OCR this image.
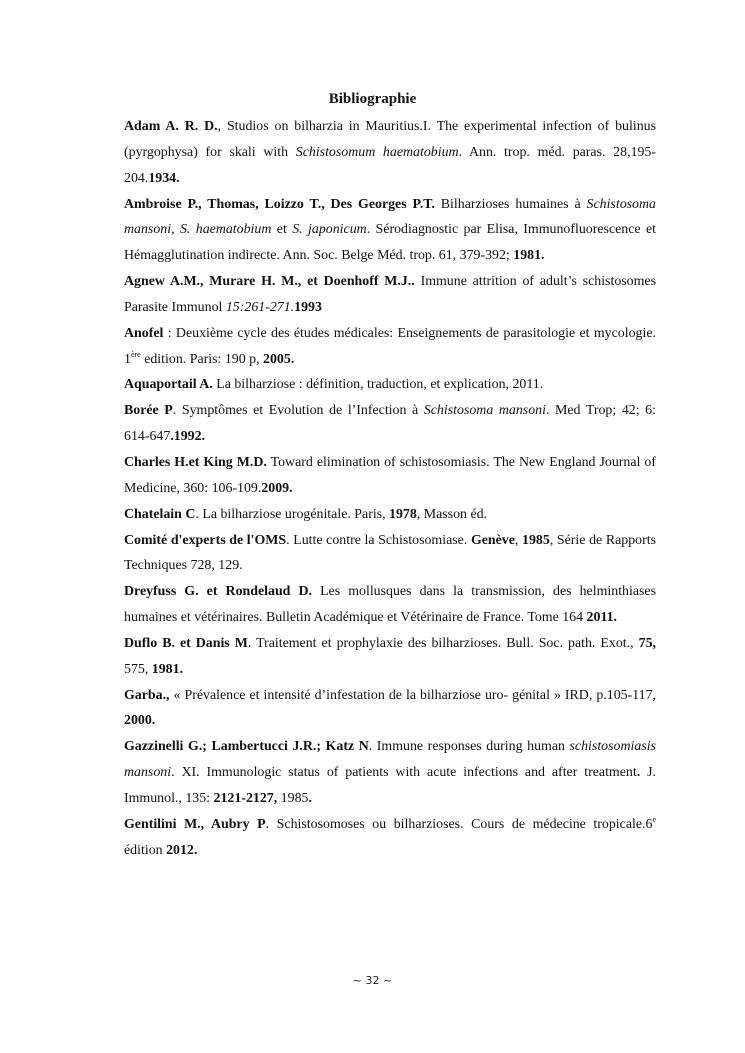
Bibliographie

Adam A. R. D., Studios on bilharzia in Mauritius.I. The experimental infection of bulinus (pyrgophysa) for skali with Schistosomum haematobium. Ann. trop. méd. paras. 28,195-204.1934.

Ambroise P., Thomas, Loizzo T., Des Georges P.T. Bilharzioses humaines à Schistosoma mansoni, S. haematobium et S. japonicum. Sérodiagnostic par Elisa, Immunofluorescence et Hémagglutination indirecte. Ann. Soc. Belge Méd. trop. 61, 379-392; 1981.

Agnew A.M., Murare H. M., et Doenhoff M.J.. Immune attrition of adult’s schistosomes Parasite Immunol 15:261-271.1993

Anofel : Deuxième cycle des études médicales: Enseignements de parasitologie et mycologie. 1ère edition. Paris: 190 p, 2005.

Aquaportail A. La bilharziose : définition, traduction, et explication, 2011.

Borée P. Symptômes et Evolution de l’Infection à Schistosoma mansoni. Med Trop; 42; 6: 614-647.1992.

Charles H.et King M.D. Toward elimination of schistosomiasis. The New England Journal of Medicine, 360: 106-109.2009.

Chatelain C. La bilharziose urogénitale. Paris, 1978, Masson éd.

Comité d'experts de l'OMS. Lutte contre la Schistosomiase. Genève, 1985, Série de Rapports Techniques 728, 129.

Dreyfuss G. et Rondelaud D. Les mollusques dans la transmission, des helminthiases humaines et vétérinaires. Bulletin Académique et Vétérinaire de France. Tome 164 2011.

Duflo B. et Danis M. Traitement et prophylaxie des bilharzioses. Bull. Soc. path. Exot., 75, 575, 1981.

Garba., « Prévalence et intensité d’infestation de la bilharziose uro- génital » IRD, p.105-117, 2000.

Gazzinelli G.; Lambertucci J.R.; Katz N. Immune responses during human schistosomiasis mansoni. XI. Immunologic status of patients with acute infections and after treatment. J. Immunol., 135: 2121-2127, 1985.

Gentilini M., Aubry P. Schistosomoses ou bilharzioses. Cours de médecine tropicale.6e édition 2012.

~ 32 ~
